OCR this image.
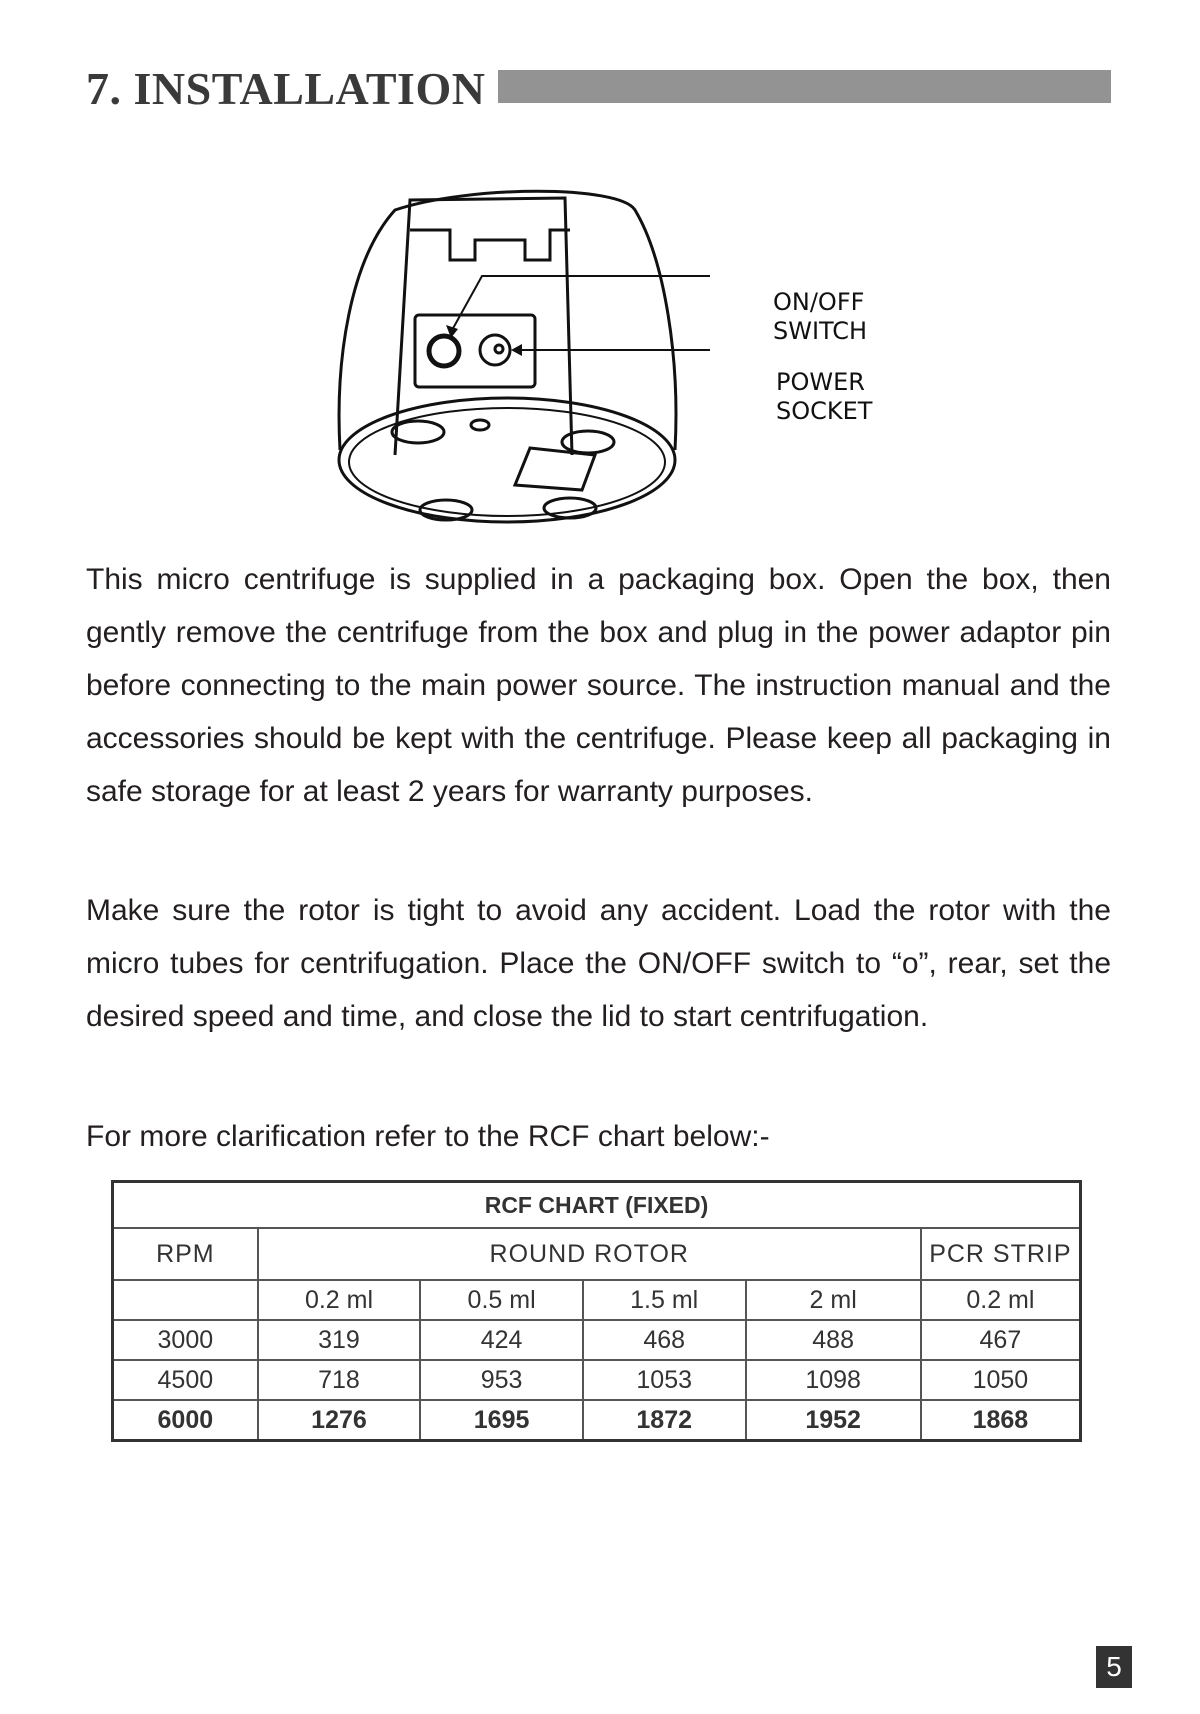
7. INSTALLATION
ON/OFF
SWITCH
POWER
SOCKET

This micro centrifuge is supplied in a packaging box. Open the box, then gently remove the centrifuge from the box and plug in the power adaptor pin before connecting to the main power source. The instruction manual and the accessories should be kept with the centrifuge. Please keep all packaging in safe storage for at least 2 years for warranty purposes.

Make sure the rotor is tight to avoid any accident. Load the rotor with the micro tubes for centrifugation. Place the ON/OFF switch to “o”, rear, set the desired speed and time, and close the lid to start centrifugation.

For more clarification refer to the RCF chart below:-

RCF CHART (FIXED)					
RPM	ROUND ROTOR				PCR STRIP
	0.2 ml	0.5 ml	1.5 ml	2 ml	0.2 ml
3000	319	424	468	488	467
4500	718	953	1053	1098	1050
6000	1276	1695	1872	1952	1868
5
